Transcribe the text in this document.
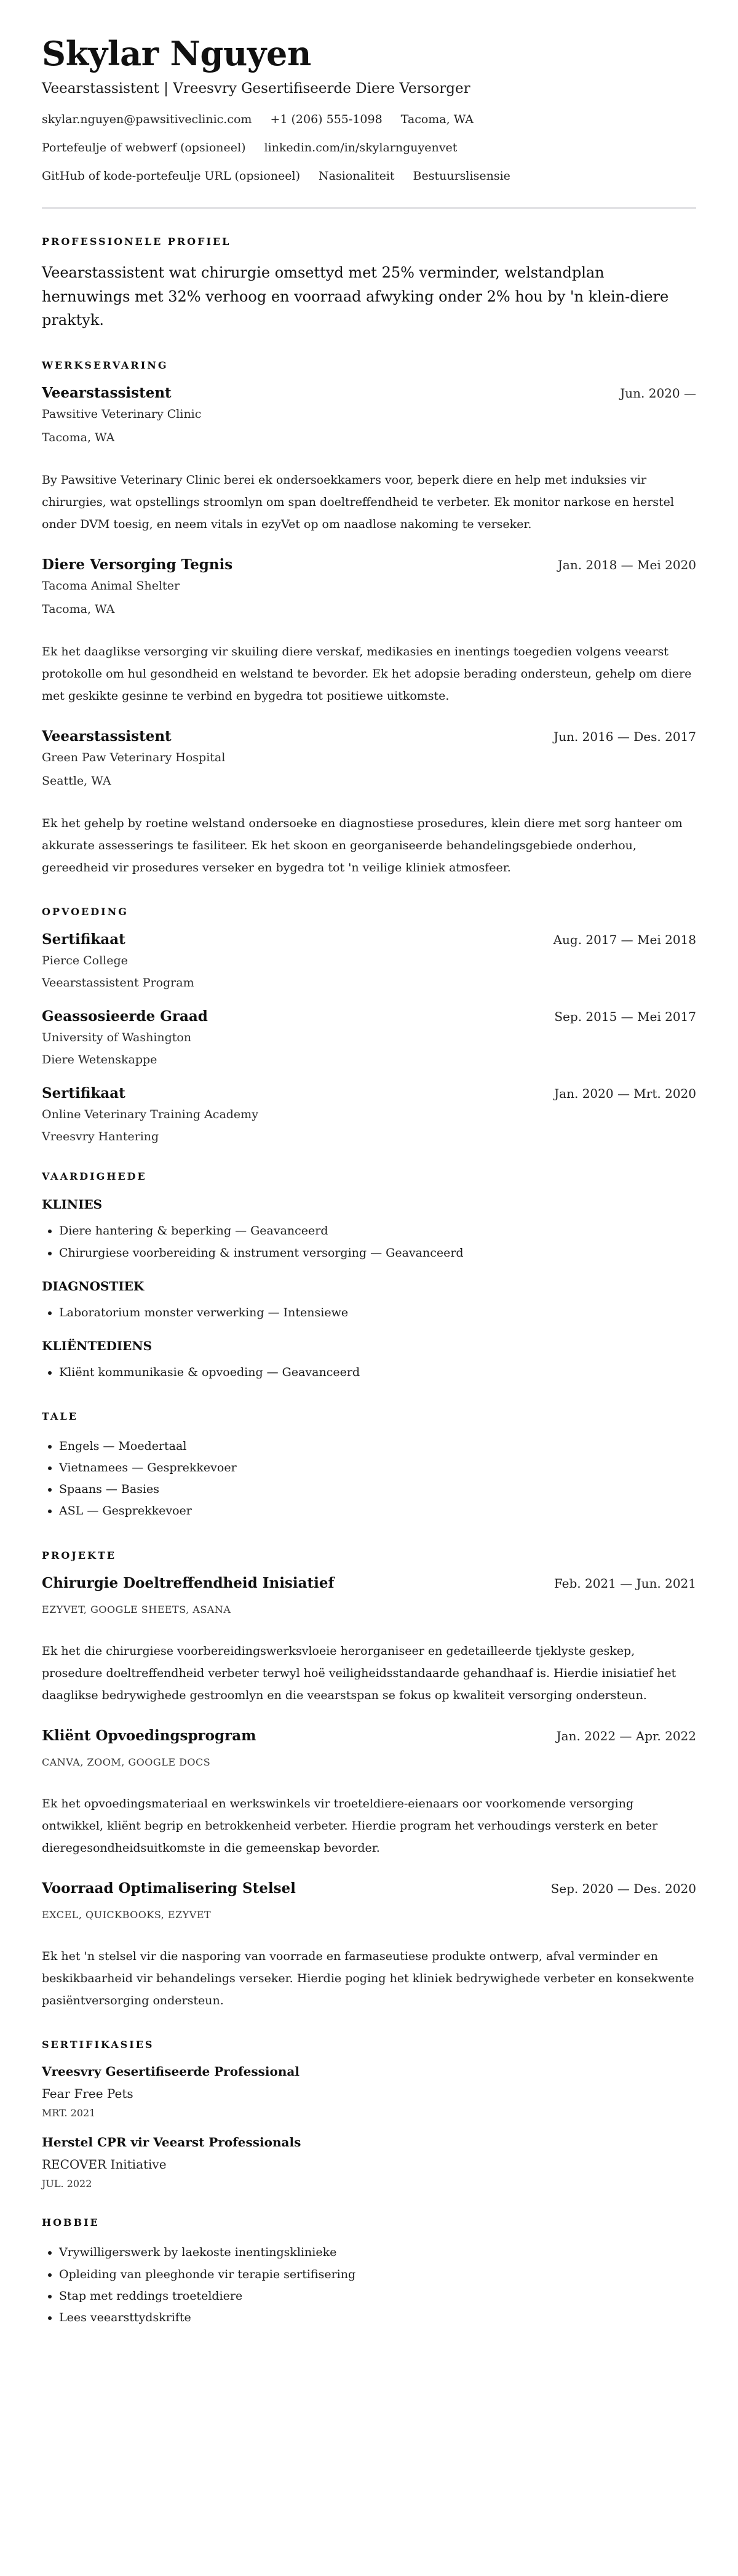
Skylar Nguyen
Veearstassistent | Vreesvry Gesertifiseerde Diere Versorger
skylar.nguyen@pawsitiveclinic.com +1 (206) 555-1098 Tacoma, WA
Portefeulje of webwerf (opsioneel) linkedin.com/in/skylarnguyenvet
GitHub of kode-portefeulje URL (opsioneel) Nasionaliteit Bestuurslisensie
PROFESSIONELE PROFIEL

Veearstassistent wat chirurgie omsettyd met 25% verminder, welstandplan hernuwings met 32% verhoog en voorraad afwyking onder 2% hou by 'n klein-diere praktyk.

WERKSERVARING
Veearstassistent	Jun. 2020 —
Pawsitive Veterinary Clinic
Tacoma, WA
By Pawsitive Veterinary Clinic berei ek ondersoekkamers voor, beperk diere en help met induksies vir chirurgies, wat opstellings stroomlyn om span doeltreffendheid te verbeter. Ek monitor narkose en herstel onder DVM toesig, en neem vitals in ezyVet op om naadlose nakoming te verseker.
Diere Versorging Tegnis	Jan. 2018 — Mei 2020
Tacoma Animal Shelter
Tacoma, WA
Ek het daaglikse versorging vir skuiling diere verskaf, medikasies en inentings toegedien volgens veearst protokolle om hul gesondheid en welstand te bevorder. Ek het adopsie berading ondersteun, gehelp om diere met geskikte gesinne te verbind en bygedra tot positiewe uitkomste.
Veearstassistent	Jun. 2016 — Des. 2017
Green Paw Veterinary Hospital
Seattle, WA
Ek het gehelp by roetine welstand ondersoeke en diagnostiese prosedures, klein diere met sorg hanteer om akkurate assesserings te fasiliteer. Ek het skoon en georganiseerde behandelingsgebiede onderhou, gereedheid vir prosedures verseker en bygedra tot 'n veilige kliniek atmosfeer.
OPVOEDING
Sertifikaat	Aug. 2017 — Mei 2018
Pierce College
Veearstassistent Program
Geassosieerde Graad	Sep. 2015 — Mei 2017
University of Washington
Diere Wetenskappe
Sertifikaat	Jan. 2020 — Mrt. 2020
Online Veterinary Training Academy
Vreesvry Hantering
VAARDIGHEDE
KLINIES
• Diere hantering & beperking — Geavanceerd
• Chirurgiese voorbereiding & instrument versorging — Geavanceerd
DIAGNOSTIEK
• Laboratorium monster verwerking — Intensiewe
KLIËNTEDIENS
• Kliënt kommunikasie & opvoeding — Geavanceerd
TALE
• Engels — Moedertaal
• Vietnamees — Gesprekkevoer
• Spaans — Basies
• ASL — Gesprekkevoer
PROJEKTE
Chirurgie Doeltreffendheid Inisiatief	Feb. 2021 — Jun. 2021
EZYVET, GOOGLE SHEETS, ASANA
Ek het die chirurgiese voorbereidingswerksvloeie herorganiseer en gedetailleerde tjeklyste geskep, prosedure doeltreffendheid verbeter terwyl hoë veiligheidsstandaarde gehandhaaf is. Hierdie inisiatief het daaglikse bedrywighede gestroomlyn en die veearstspan se fokus op kwaliteit versorging ondersteun.
Kliënt Opvoedingsprogram	Jan. 2022 — Apr. 2022
CANVA, ZOOM, GOOGLE DOCS
Ek het opvoedingsmateriaal en werkswinkels vir troeteldiere-eienaars oor voorkomende versorging ontwikkel, kliënt begrip en betrokkenheid verbeter. Hierdie program het verhoudings versterk en beter dieregesondheidsuitkomste in die gemeenskap bevorder.
Voorraad Optimalisering Stelsel	Sep. 2020 — Des. 2020
EXCEL, QUICKBOOKS, EZYVET
Ek het 'n stelsel vir die nasporing van voorrade en farmaseutiese produkte ontwerp, afval verminder en beskikbaarheid vir behandelings verseker. Hierdie poging het kliniek bedrywighede verbeter en konsekwente pasiëntversorging ondersteun.
SERTIFIKASIES
Vreesvry Gesertifiseerde Professional
Fear Free Pets
MRT. 2021
Herstel CPR vir Veearst Professionals
RECOVER Initiative
JUL. 2022
HOBBIE
• Vrywilligerswerk by laekoste inentingsklinieke
• Opleiding van pleeghonde vir terapie sertifisering
• Stap met reddings troeteldiere
• Lees veearsttydskrifte
